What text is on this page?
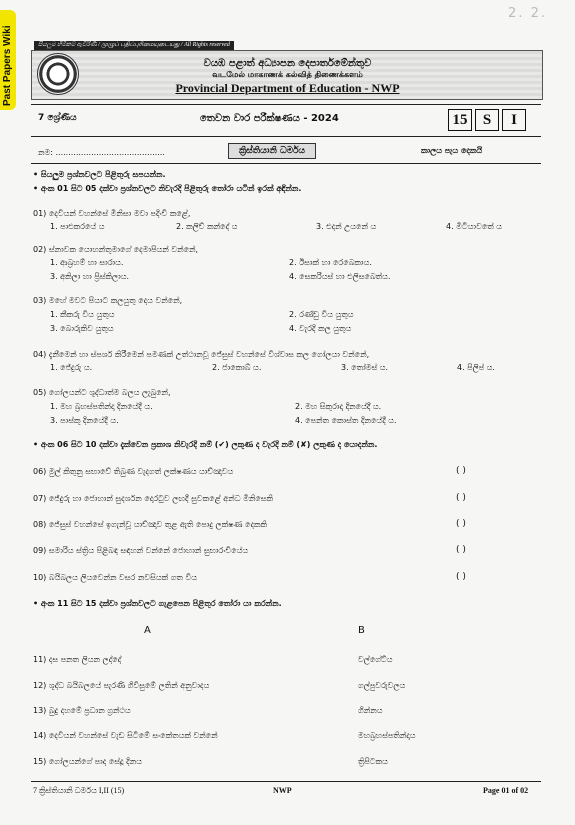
Past Papers Wiki
2. 2.
සියලුම හිමිකම් ඇවිරිණි / முழுப் பதிப்புரிமையுடையது / All Rights reserved
වයඹ පළාත් අධ්‍යාපන දෙපාර්තමේන්තුව
வடமேல் மாகாணக் கல்வித் திணைக்களம்
Provincial Department of Education - NWP
7 ශ්‍රේණිය	තෙවන වාර පරීක්ෂණය - 2024	15	S	I
නම: ...........................................	ක්‍රිස්තියානි ධර්මය	කාලය පැය දෙකයි
• සියලුම ප්‍රශ්නවලට පිළිතුරු සපයන්න.
• අංක 01 සිට 05 දක්වා ප්‍රශ්නවලට නිවැරදි පිළිතුරු තෝරා යටින් ඉරක් අඳින්න.
01) දෙවියන් වහන්සේ මිනිසා මවා පදිංචි කළේ,
1. පාළුකරයේ ය	2. කලිච් කන්දේ ය	3. එදන් උයනේ ය	4. මිටියාවතේ ය
02) ස්නාවක යොහන්තුමාගේ දෙමාපියන් වන්නේ,
1. ආබ්‍රහම් හා සාරාය.	2. ඊසාක් හා රෙබෙකාය.
3. අකිලා හා ප්‍රිස්කිලාය.	4. සෙකරියස් හා එලිසබෙත්ය.
03) මහේ මවට පියාට කලයුතු දෙය වන්නේ,
1. කීකරු විය යුතුය	2. රණ්ඩු විය යුතුය
3. බොරුකිව යුතුය	4. වැරදි කල යුතුය
04) දැනීමෙන් හා ස්පර්ශ කිරීමෙන් පමණක් උත්ථානවූ ජේසුස් වහන්සේ විශ්වාස කල ගෝලයා වන්නේ,
1. ජේදුරු ය.	2. ජාකොබ් ය.	3. තෝමස් ය.	4. පිලිප් ය.
05) ගෝලයන්ට ශුද්ධාත්ම බලය ලැබුනේ,
1. මහ බ්‍රහස්පතින්දා දිනයේදී ය.	2. මහ සිකුරාදා දිනයේදී ය.
3. පාස්කු දිනයේදී ය.	4. පෙන්ත කොස්ත දිනයේදී ය.
• අංක 06 සිට 10 දක්වා දැක්වෙන ප්‍රකාශ නිවැරදි නම් (✔) ලකුණ ද වැරදි නම් (✘) ලකුණ ද යොදන්න.
06) මුල් කිතුනු සභාවේ තිබුණ වැදගත් ලක්ෂණය යාච්ඤාවය	( )
07) ජේදුරු හා ජොහාන් සුදර්ශන දොරටුව ලඟදී සුවකළේ අන්ධ මිනිසෙකි	( )
08) ජේසුස් වහන්සේ ඉගැන්වූ යාච්ඤාව තුළ ඇති පොදු ලක්ෂණ දෙකකි	( )
09) සමාරිය ස්ත්‍රිය පිළිබඳ සඳහන් වන්නේ ජොහාන් සුභාරංචියේය	( )
10) බයිබලය ලියවෙන්න වසර නවසියක් ගත විය	( )
• අංක 11 සිට 15 දක්වා ප්‍රශ්නවලට ගැළපෙන පිළිතුර තෝරා යා කරන්න.
A	B
11) දස පනත ලියන ලද්දේ	වල්ගේට්ය
12) ශුද්ධ බයිබලයේ පැරණි ගිවිසුමේ ලතින් අනුවාදය	ගල්පුවරුවලය
13) බුදු දහමේ ප්‍රධාන ග්‍රන්ථය	ගින්නය
14) දෙවියන් වහන්සේ වැඩ සිටීමේ සංකේතයක් වන්නේ	මහබ්‍රහස්පතින්දාය
15) ගෝලයන්ගේ පාද සේදූ දිනය	ත්‍රිපිටකය
7 ක්‍රිස්තියානි ධර්මය I,II (15)	NWP	Page 01 of 02
